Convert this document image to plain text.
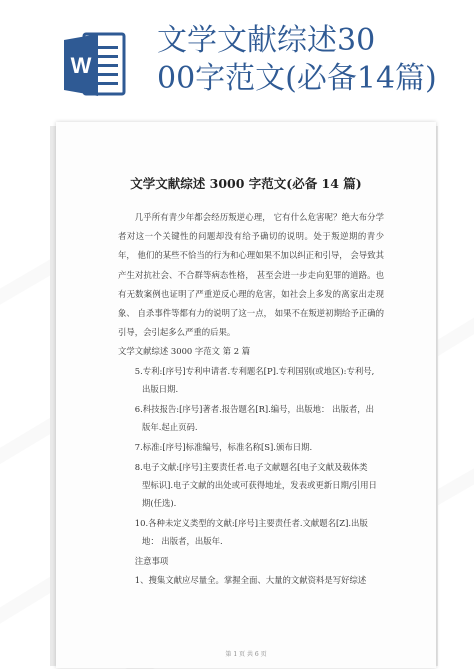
W
文学文献综述30
00字范文(必备14篇)
文学文献综述 3000 字范文(必备 14 篇)

几乎所有青少年都会经历叛逆心理， 它有什么危害呢？绝大布分学者对这一个关键性的问题却没有给予确切的说明。处于叛逆期的青少年， 他们的某些不恰当的行为和心理如果不加以纠正和引导， 会导致其产生对抗社会、不合群等病态性格， 甚至会进一步走向犯罪的道路。也有无数案例也证明了严重逆反心理的危害，如社会上多发的离家出走现象、 自杀事件等都有力的说明了这一点， 如果不在叛逆初期给予正确的引导，会引起多么严重的后果。

文学文献综述 3000 字范文 第 2 篇

5.专利:[序号]专利申请者.专利题名[P].专利国别(或地区):专利号,
出版日期.
6.科技报告:[序号]著者.报告题名[R].编号，出版地： 出版者，出
版年.起止页码.
7.标准:[序号]标准编号，标准名称[S].颁布日期.
8.电子文献:[序号]主要责任者.电子文献题名[电子文献及载体类
型标识].电子文献的出处或可获得地址，发表或更新日期/引用日期(任选).
10.各种未定义类型的文献:[序号]主要责任者.文献题名[Z].出版
地： 出版者，出版年.

注意事项

1、搜集文献应尽量全。掌握全面、大量的文献资料是写好综述

第 1 页 共 6 页
